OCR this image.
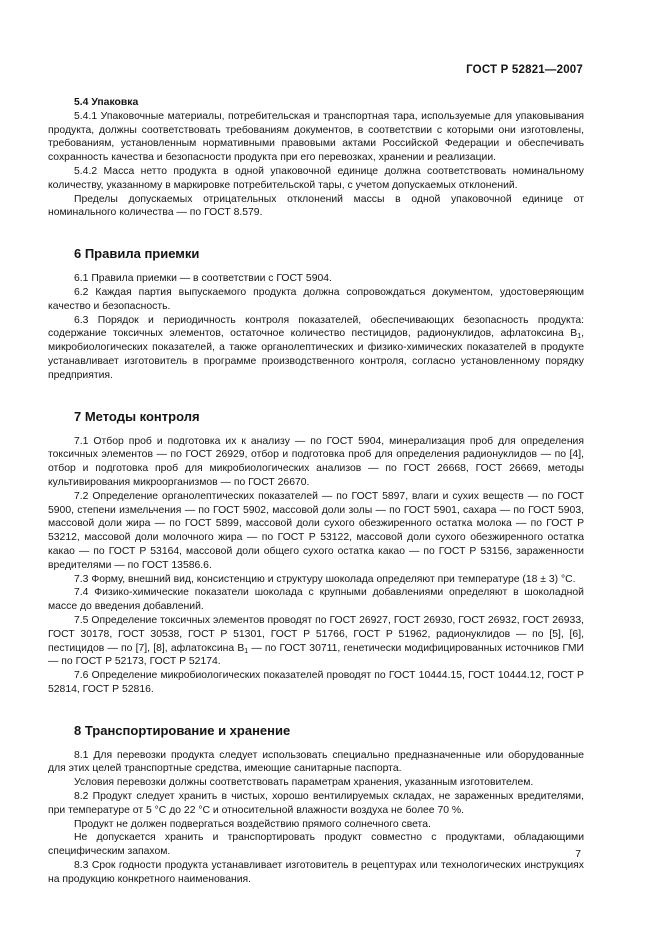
ГОСТ Р 52821—2007

5.4 Упаковка

5.4.1 Упаковочные материалы, потребительская и транспортная тара, используемые для упаковывания продукта, должны соответствовать требованиям документов, в соответствии с которыми они изготовлены, требованиям, установленным нормативными правовыми актами Российской Федерации и обеспечивать сохранность качества и безопасности продукта при его перевозках, хранении и реализации.

5.4.2 Масса нетто продукта в одной упаковочной единице должна соответствовать номинальному количеству, указанному в маркировке потребительской тары, с учетом допускаемых отклонений.

Пределы допускаемых отрицательных отклонений массы в одной упаковочной единице от номинального количества — по ГОСТ 8.579.

6 Правила приемки

6.1 Правила приемки — в соответствии с ГОСТ 5904.

6.2 Каждая партия выпускаемого продукта должна сопровождаться документом, удостоверяющим качество и безопасность.

6.3 Порядок и периодичность контроля показателей, обеспечивающих безопасность продукта: содержание токсичных элементов, остаточное количество пестицидов, радионуклидов, афлатоксина $В_1$, микробиологических показателей, а также органолептических и физико-химических показателей в продукте устанавливает изготовитель в программе производственного контроля, согласно установленному порядку предприятия.

7 Методы контроля

7.1 Отбор проб и подготовка их к анализу — по ГОСТ 5904, минерализация проб для определения токсичных элементов — по ГОСТ 26929, отбор и подготовка проб для определения радионуклидов — по [4], отбор и подготовка проб для микробиологических анализов — по ГОСТ 26668, ГОСТ 26669, методы культивирования микроорганизмов — по ГОСТ 26670.

7.2 Определение органолептических показателей — по ГОСТ 5897, влаги и сухих веществ — по ГОСТ 5900, степени измельчения — по ГОСТ 5902, массовой доли золы — по ГОСТ 5901, сахара — по ГОСТ 5903, массовой доли жира — по ГОСТ 5899, массовой доли сухого обезжиренного остатка молока — по ГОСТ Р 53212, массовой доли молочного жира — по ГОСТ Р 53122, массовой доли сухого обезжиренного остатка какао — по ГОСТ Р 53164, массовой доли общего сухого остатка какао — по ГОСТ Р 53156, зараженности вредителями — по ГОСТ 13586.6.

7.3 Форму, внешний вид, консистенцию и структуру шоколада определяют при температуре (18 ± 3) °С.

7.4 Физико-химические показатели шоколада с крупными добавлениями определяют в шоколадной массе до введения добавлений.

7.5 Определение токсичных элементов проводят по ГОСТ 26927, ГОСТ 26930, ГОСТ 26932, ГОСТ 26933, ГОСТ 30178, ГОСТ 30538, ГОСТ Р 51301, ГОСТ Р 51766, ГОСТ Р 51962, радионуклидов — по [5], [6], пестицидов — по [7], [8], афлатоксина $В_1$ — по ГОСТ 30711, генетически модифицированных источников ГМИ — по ГОСТ Р 52173, ГОСТ Р 52174.

7.6 Определение микробиологических показателей проводят по ГОСТ 10444.15, ГОСТ 10444.12, ГОСТ Р 52814, ГОСТ Р 52816.

8 Транспортирование и хранение

8.1 Для перевозки продукта следует использовать специально предназначенные или оборудованные для этих целей транспортные средства, имеющие санитарные паспорта.

Условия перевозки должны соответствовать параметрам хранения, указанным изготовителем.

8.2 Продукт следует хранить в чистых, хорошо вентилируемых складах, не зараженных вредителями, при температуре от 5 °С до 22 °С и относительной влажности воздуха не более 70 %.

Продукт не должен подвергаться воздействию прямого солнечного света.

Не допускается хранить и транспортировать продукт совместно с продуктами, обладающими специфическим запахом.

8.3 Срок годности продукта устанавливает изготовитель в рецептурах или технологических инструкциях на продукцию конкретного наименования.

7
